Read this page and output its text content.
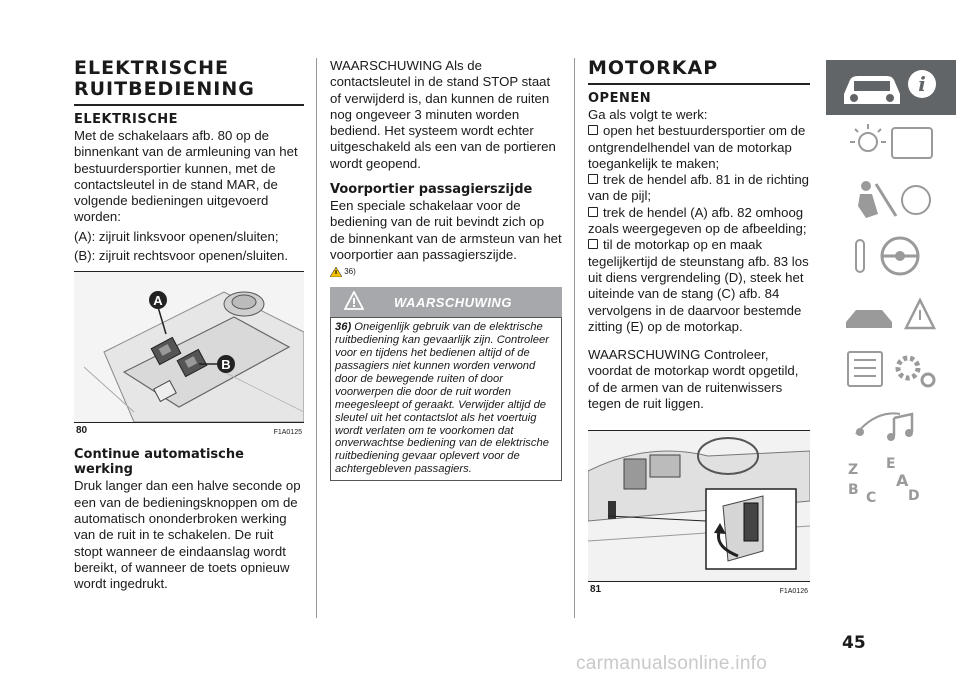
ELEKTRISCHE RUITBEDIENING
ELEKTRISCHE

Met de schakelaars afb. 80 op de binnenkant van de armleuning van het bestuurdersportier kunnen, met de contactsleutel in de stand MAR, de volgende bedieningen uitgevoerd worden:

(A): zijruit linksvoor openen/sluiten;

(B): zijruit rechtsvoor openen/sluiten.

A
B
80	F1A0125
Continue automatische werking

Druk langer dan een halve seconde op een van de bedieningsknoppen om de automatisch ononderbroken werking van de ruit in te schakelen. De ruit stopt wanneer de eindaanslag wordt bereikt, of wanneer de toets opnieuw wordt ingedrukt.

WAARSCHUWING Als de contactsleutel in de stand STOP staat of verwijderd is, dan kunnen de ruiten nog ongeveer 3 minuten worden bediend. Het systeem wordt echter uitgeschakeld als een van de portieren wordt geopend.

Voorportier passagierszijde

Een speciale schakelaar voor de bediening van de ruit bevindt zich op de binnenkant van de armsteun van het voorportier aan passagierszijde.

36)
WAARSCHUWING
36) Oneigenlijk gebruik van de elektrische ruitbediening kan gevaarlijk zijn. Controleer voor en tijdens het bedienen altijd of de passagiers niet kunnen worden verwond door de bewegende ruiten of door voorwerpen die door de ruit worden meegesleept of geraakt. Verwijder altijd de sleutel uit het contactslot als het voertuig wordt verlaten om te voorkomen dat onverwachtse bediening van de elektrische ruitbediening gevaar oplevert voor de achtergebleven passagiers.
MOTORKAP
OPENEN

Ga als volgt te werk:

open het bestuurdersportier om de ontgrendelhendel van de motorkap toegankelijk te maken;

trek de hendel afb. 81 in de richting van de pijl;

trek de hendel (A) afb. 82 omhoog zoals weergegeven op de afbeelding;

til de motorkap op en maak tegelijkertijd de steunstang afb. 83 los uit diens vergrendeling (D), steek het uiteinde van de stang (C) afb. 84 vervolgens in de daarvoor bestemde zitting (E) op de motorkap.

WAARSCHUWING Controleer, voordat de motorkap wordt opgetild, of de armen van de ruitenwissers tegen de ruit liggen.

81	F1A0126
i
Z E
B A
C D
45
carmanualsonline.info
